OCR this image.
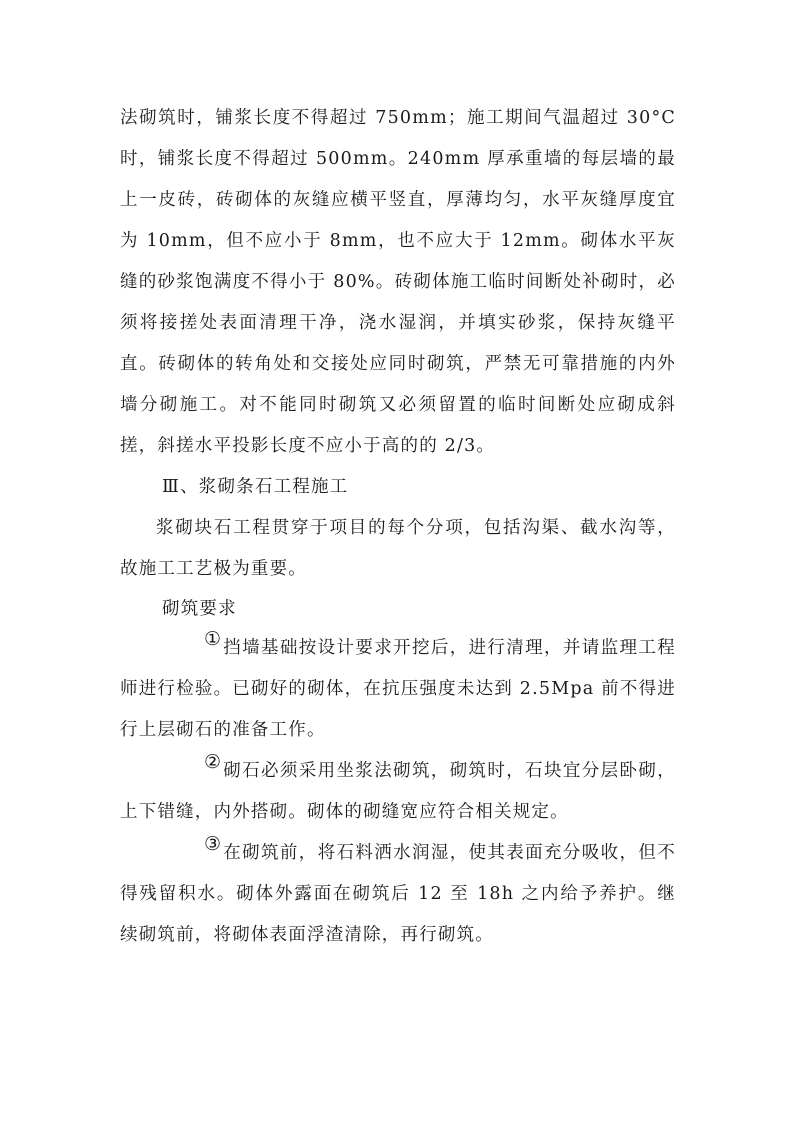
法砌筑时，铺浆长度不得超过 750mm；施工期间气温超过 30°C 时，铺浆长度不得超过 500mm。240mm 厚承重墙的每层墙的最上一皮砖，砖砌体的灰缝应横平竖直，厚薄均匀，水平灰缝厚度宜为 10mm，但不应小于 8mm，也不应大于 12mm。砌体水平灰缝的砂浆饱满度不得小于 80%。砖砌体施工临时间断处补砌时，必须将接搓处表面清理干净，浇水湿润，并填实砂浆，保持灰缝平直。砖砌体的转角处和交接处应同时砌筑，严禁无可靠措施的内外墙分砌施工。对不能同时砌筑又必须留置的临时间断处应砌成斜搓，斜搓水平投影长度不应小于高的的 2/3。

Ⅲ、浆砌条石工程施工

浆砌块石工程贯穿于项目的每个分项，包括沟渠、截水沟等，故施工工艺极为重要。

砌筑要求

① 挡墙基础按设计要求开挖后，进行清理，并请监理工程师进行检验。已砌好的砌体，在抗压强度未达到 2.5Mpa 前不得进行上层砌石的准备工作。

② 砌石必须采用坐浆法砌筑，砌筑时，石块宜分层卧砌，上下错缝，内外搭砌。砌体的砌缝宽应符合相关规定。

③ 在砌筑前，将石料洒水润湿，使其表面充分吸收，但不得残留积水。砌体外露面在砌筑后 12 至 18h 之内给予养护。继续砌筑前，将砌体表面浮渣清除，再行砌筑。
